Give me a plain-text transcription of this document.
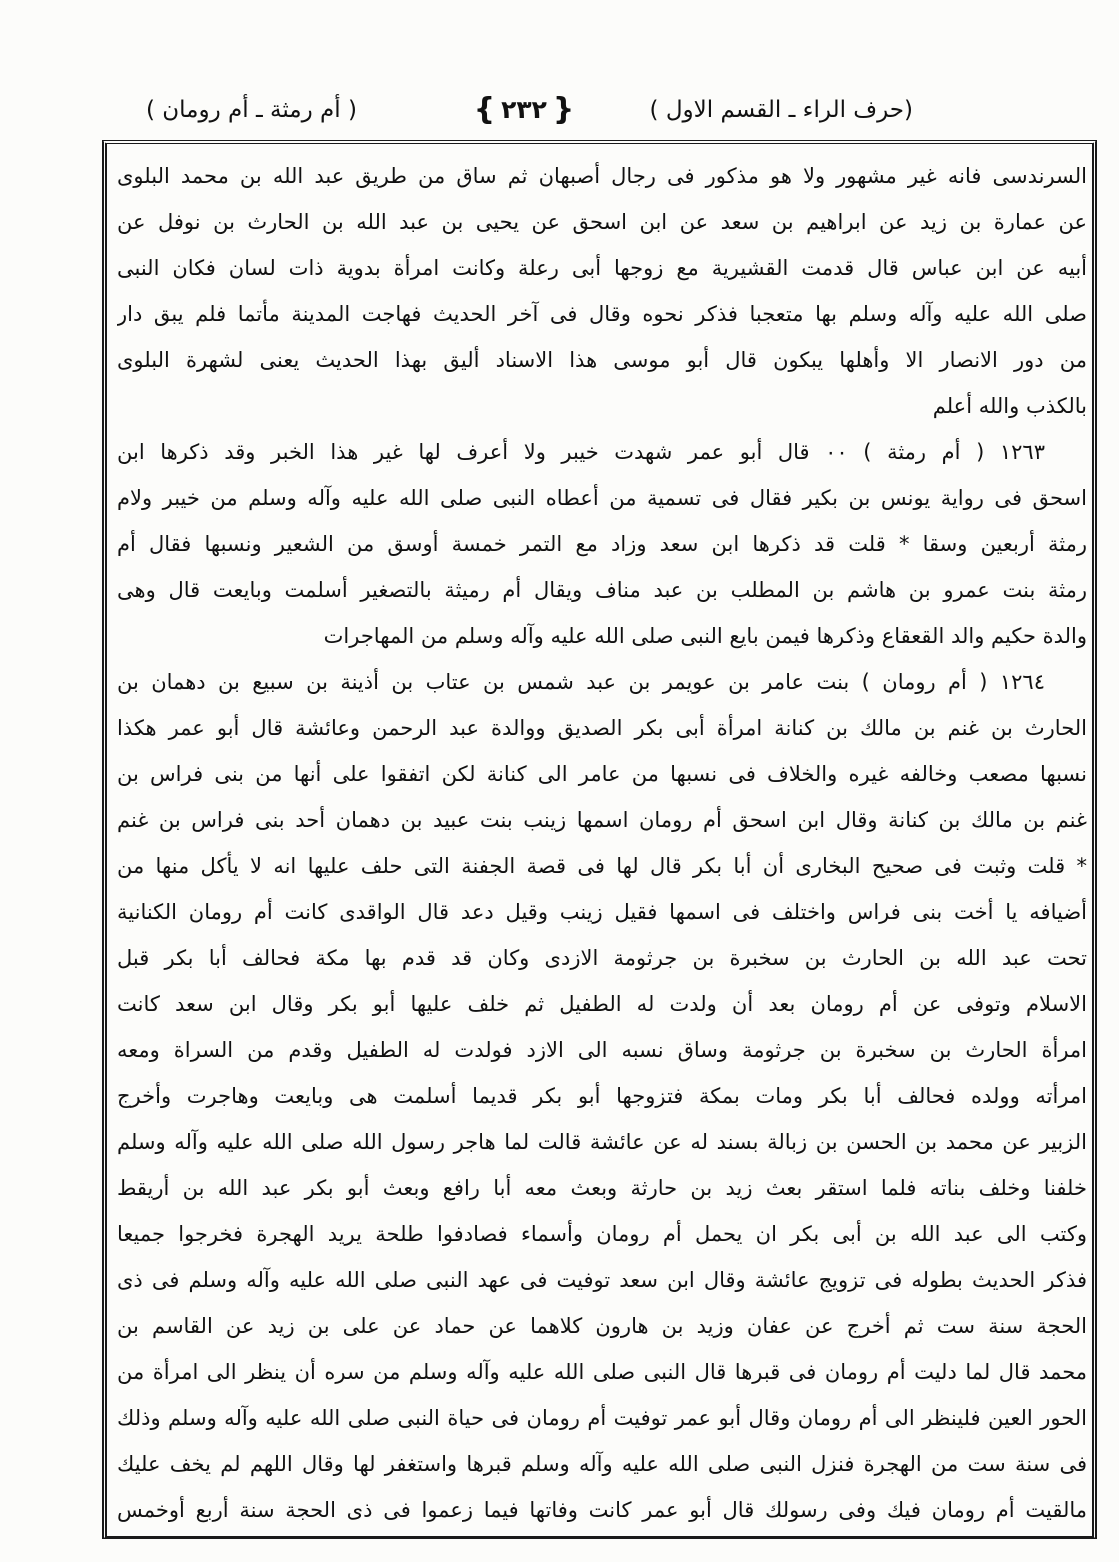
(حرف الراء ـ القسم الاول )
{٢٣٢}
( أم رمثة ـ أم رومان )
السرندسى فانه غير مشهور ولا هو مذكور فى رجال أصبهان ثم ساق من طريق عبد الله بن محمد البلوى
عن عمارة بن زيد عن ابراهيم بن سعد عن ابن اسحق عن يحيى بن عبد الله بن الحارث بن نوفل عن
أبيه عن ابن عباس قال قدمت القشيرية مع زوجها أبى رعلة وكانت امرأة بدوية ذات لسان فكان النبى
صلى الله عليه وآله وسلم بها متعجبا فذكر نحوه وقال فى آخر الحديث فهاجت المدينة مأتما فلم يبق دار
من دور الانصار الا وأهلها يبكون قال أبو موسى هذا الاسناد أليق بهذا الحديث يعنى لشهرة البلوى
بالكذب والله أعلم
١٢٦٣ ( أم رمثة ) ٠٠ قال أبو عمر شهدت خيبر ولا أعرف لها غير هذا الخبر وقد ذكرها ابن
اسحق فى رواية يونس بن بكير فقال فى تسمية من أعطاه النبى صلى الله عليه وآله وسلم من خيبر ولام
رمثة أربعين وسقا * قلت قد ذكرها ابن سعد وزاد مع التمر خمسة أوسق من الشعير ونسبها فقال أم
رمثة بنت عمرو بن هاشم بن المطلب بن عبد مناف ويقال أم رميثة بالتصغير أسلمت وبايعت قال وهى
والدة حكيم والد القعقاع وذكرها فيمن بايع النبى صلى الله عليه وآله وسلم من المهاجرات
١٢٦٤ ( أم رومان ) بنت عامر بن عويمر بن عبد شمس بن عتاب بن أذينة بن سبيع بن دهمان بن
الحارث بن غنم بن مالك بن كنانة امرأة أبى بكر الصديق ووالدة عبد الرحمن وعائشة قال أبو عمر هكذا
نسبها مصعب وخالفه غيره والخلاف فى نسبها من عامر الى كنانة لكن اتفقوا على أنها من بنى فراس بن
غنم بن مالك بن كنانة وقال ابن اسحق أم رومان اسمها زينب بنت عبيد بن دهمان أحد بنى فراس بن غنم
* قلت وثبت فى صحيح البخارى أن أبا بكر قال لها فى قصة الجفنة التى حلف عليها انه لا يأكل منها من
أضيافه يا أخت بنى فراس واختلف فى اسمها فقيل زينب وقيل دعد قال الواقدى كانت أم رومان الكنانية
تحت عبد الله بن الحارث بن سخبرة بن جرثومة الازدى وكان قد قدم بها مكة فحالف أبا بكر قبل
الاسلام وتوفى عن أم رومان بعد أن ولدت له الطفيل ثم خلف عليها أبو بكر وقال ابن سعد كانت
امرأة الحارث بن سخبرة بن جرثومة وساق نسبه الى الازد فولدت له الطفيل وقدم من السراة ومعه
امرأته وولده فحالف أبا بكر ومات بمكة فتزوجها أبو بكر قديما أسلمت هى وبايعت وهاجرت وأخرج
الزبير عن محمد بن الحسن بن زبالة بسند له عن عائشة قالت لما هاجر رسول الله صلى الله عليه وآله وسلم
خلفنا وخلف بناته فلما استقر بعث زيد بن حارثة وبعث معه أبا رافع وبعث أبو بكر عبد الله بن أريقط
وكتب الى عبد الله بن أبى بكر ان يحمل أم رومان وأسماء فصادفوا طلحة يريد الهجرة فخرجوا جميعا
فذكر الحديث بطوله فى تزويج عائشة وقال ابن سعد توفيت فى عهد النبى صلى الله عليه وآله وسلم فى ذى
الحجة سنة ست ثم أخرج عن عفان وزيد بن هارون كلاهما عن حماد عن على بن زيد عن القاسم بن
محمد قال لما دليت أم رومان فى قبرها قال النبى صلى الله عليه وآله وسلم من سره أن ينظر الى امرأة من
الحور العين فلينظر الى أم رومان وقال أبو عمر توفيت أم رومان فى حياة النبى صلى الله عليه وآله وسلم وذلك
فى سنة ست من الهجرة فنزل النبى صلى الله عليه وآله وسلم قبرها واستغفر لها وقال اللهم لم يخف عليك
مالقيت أم رومان فيك وفى رسولك قال أبو عمر كانت وفاتها فيما زعموا فى ذى الحجة سنة أربع أوخمس
